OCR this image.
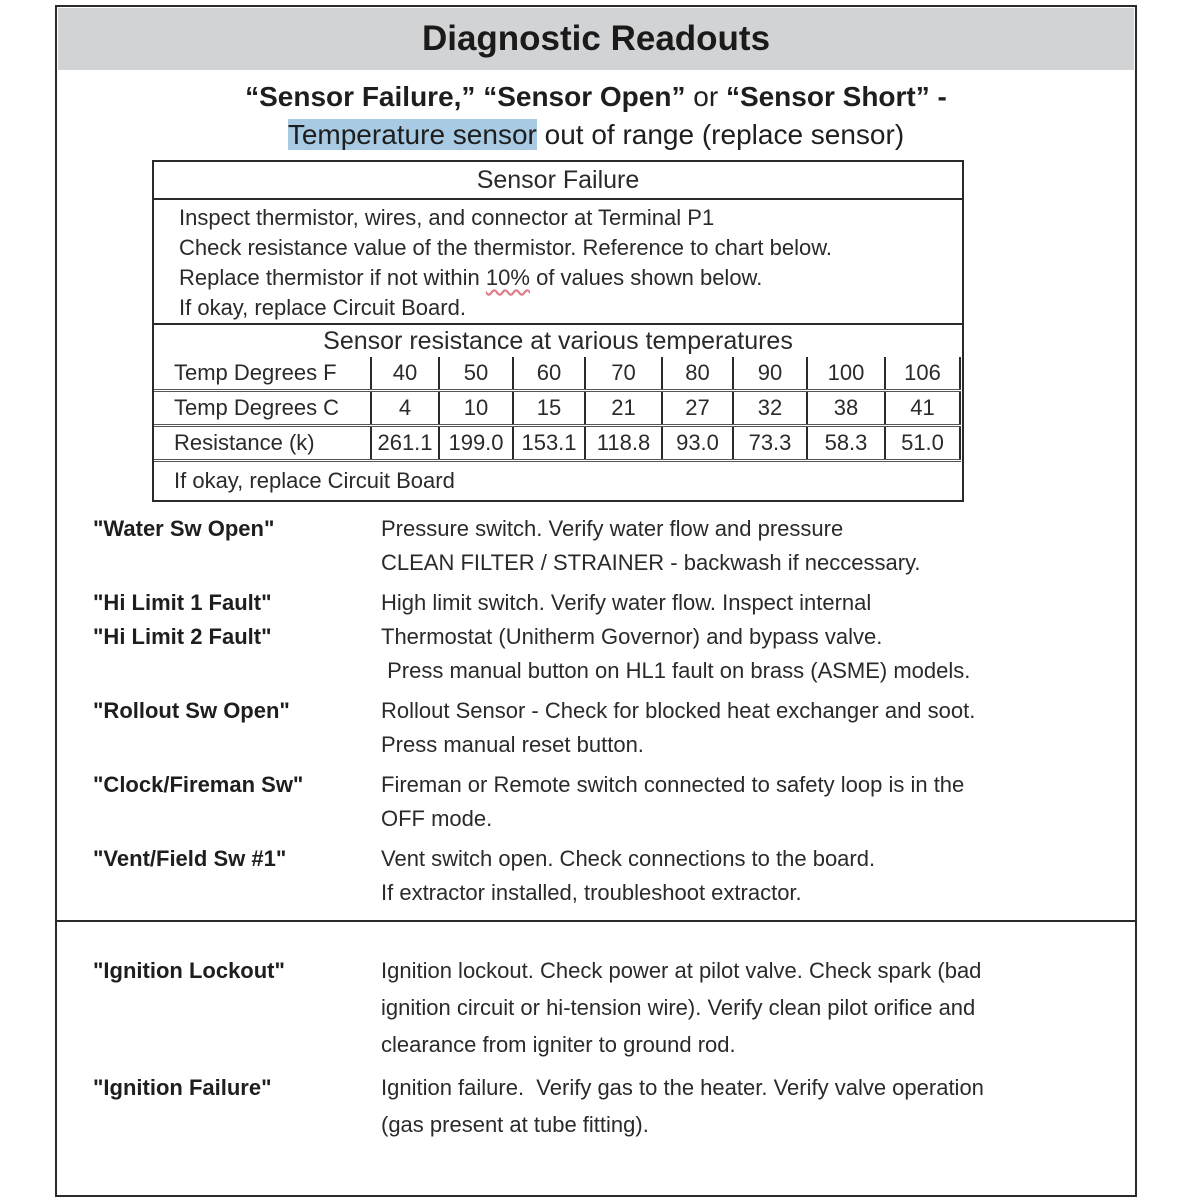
Diagnostic Readouts
“Sensor Failure,” “Sensor Open” or “Sensor Short” -
Temperature sensor out of range (replace sensor)
Sensor Failure
Inspect thermistor, wires, and connector at Terminal P1
Check resistance value of the thermistor. Reference to chart below.
Replace thermistor if not within 10% of values shown below.
If okay, replace Circuit Board.
Sensor resistance at various temperatures
Temp Degrees F	40	50	60	70	80	90	100	106
Temp Degrees C	4	10	15	21	27	32	38	41
Resistance (k)	261.1	199.0	153.1	118.8	93.0	73.3	58.3	51.0
If okay, replace Circuit Board
"Water Sw Open"	Pressure switch. Verify water flow and pressure
CLEAN FILTER / STRAINER - backwash if neccessary.
"Hi Limit 1 Fault"	High limit switch. Verify water flow. Inspect internal
"Hi Limit 2 Fault"	Thermostat (Unitherm Governor) and bypass valve.
Press manual button on HL1 fault on brass (ASME) models.
"Rollout Sw Open"	Rollout Sensor - Check for blocked heat exchanger and soot.
Press manual reset button.
"Clock/Fireman Sw"	Fireman or Remote switch connected to safety loop is in the
OFF mode.
"Vent/Field Sw #1"	Vent switch open. Check connections to the board.
If extractor installed, troubleshoot extractor.
"Ignition Lockout"	Ignition lockout. Check power at pilot valve. Check spark (bad
ignition circuit or hi-tension wire). Verify clean pilot orifice and
clearance from igniter to ground rod.
"Ignition Failure"	Ignition failure.  Verify gas to the heater. Verify valve operation
(gas present at tube fitting).
